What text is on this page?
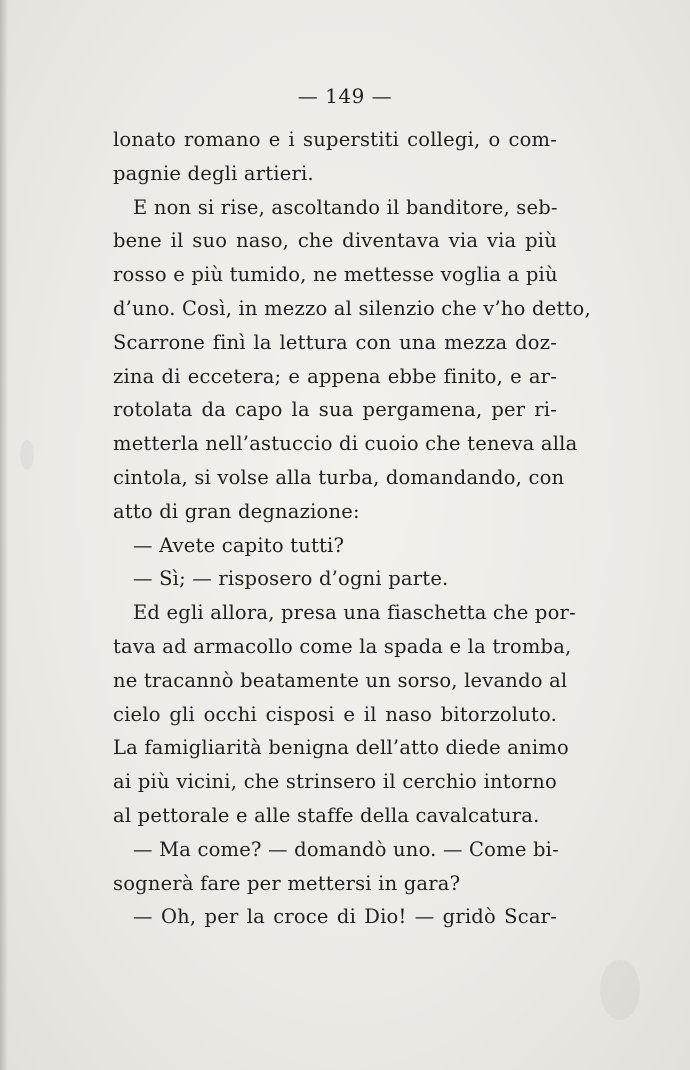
— 149 —
lonato romano e i superstiti collegi, o com-
pagnie degli artieri.
E non si rise, ascoltando il banditore, seb-
bene il suo naso, che diventava via via più
rosso e più tumido, ne mettesse voglia a più
d’uno. Così, in mezzo al silenzio che v’ho detto,
Scarrone finì la lettura con una mezza doz-
zina di eccetera; e appena ebbe finito, e ar-
rotolata da capo la sua pergamena, per ri-
metterla nell’astuccio di cuoio che teneva alla
cintola, si volse alla turba, domandando, con
atto di gran degnazione:
— Avete capito tutti?
— Sì; — risposero d’ogni parte.
Ed egli allora, presa una fiaschetta che por-
tava ad armacollo come la spada e la tromba,
ne tracannò beatamente un sorso, levando al
cielo gli occhi cisposi e il naso bitorzoluto.
La famigliarità benigna dell’atto diede animo
ai più vicini, che strinsero il cerchio intorno
al pettorale e alle staffe della cavalcatura.
— Ma come? — domandò uno. — Come bi-
sognerà fare per mettersi in gara?
— Oh, per la croce di Dio! — gridò Scar-
